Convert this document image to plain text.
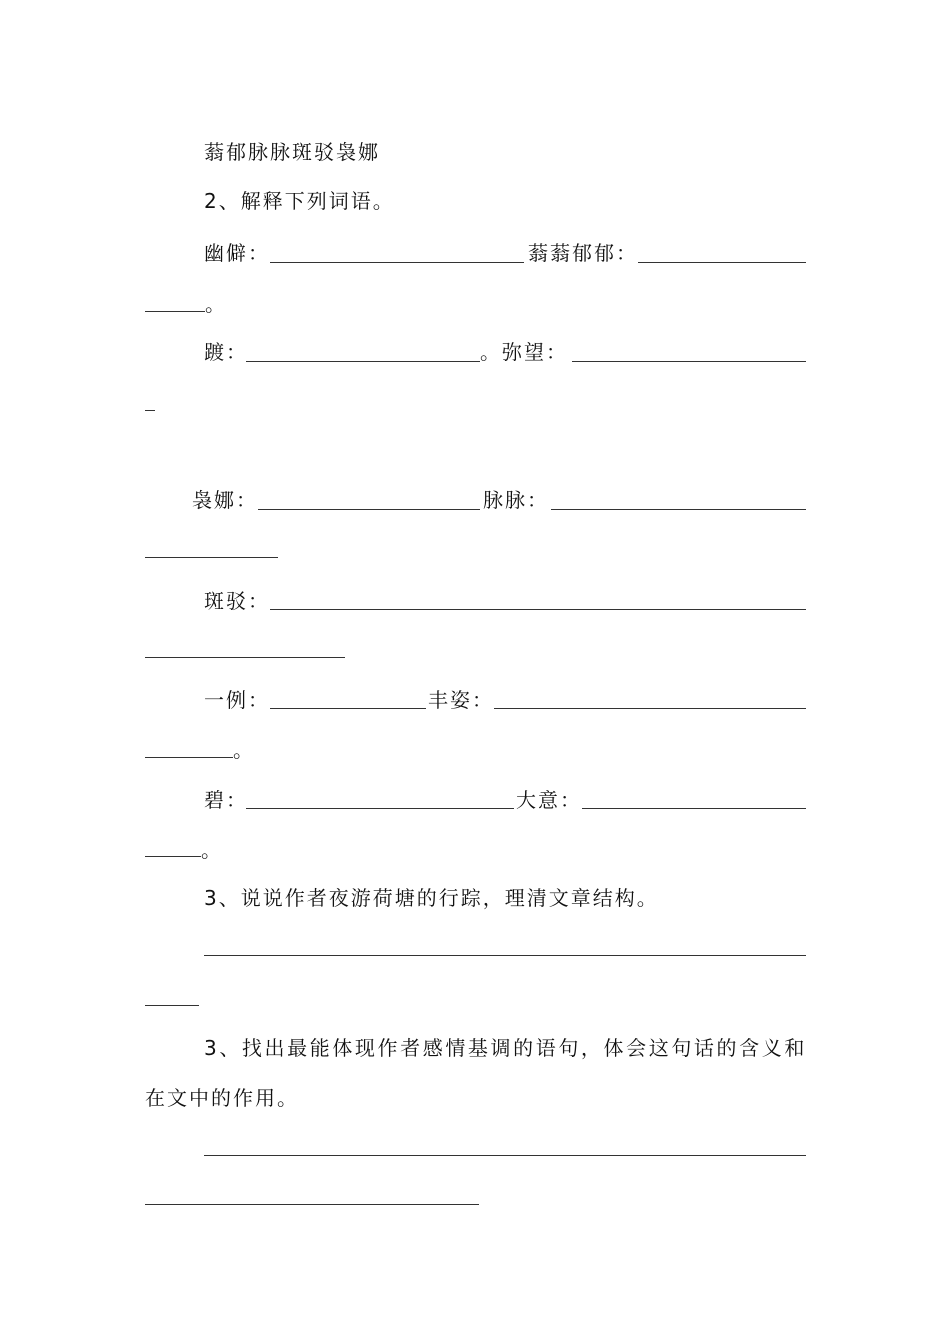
蓊郁脉脉斑驳袅娜
2、解释下列词语。
幽僻：	蓊蓊郁郁：
。
踱：	。弥望：
袅娜：	脉脉：
斑驳：
一例：	丰姿：
。
碧：	大意：
。
3、说说作者夜游荷塘的行踪，理清文章结构。
3、找出最能体现作者感情基调的语句，体会这句话的含义和
在文中的作用。
